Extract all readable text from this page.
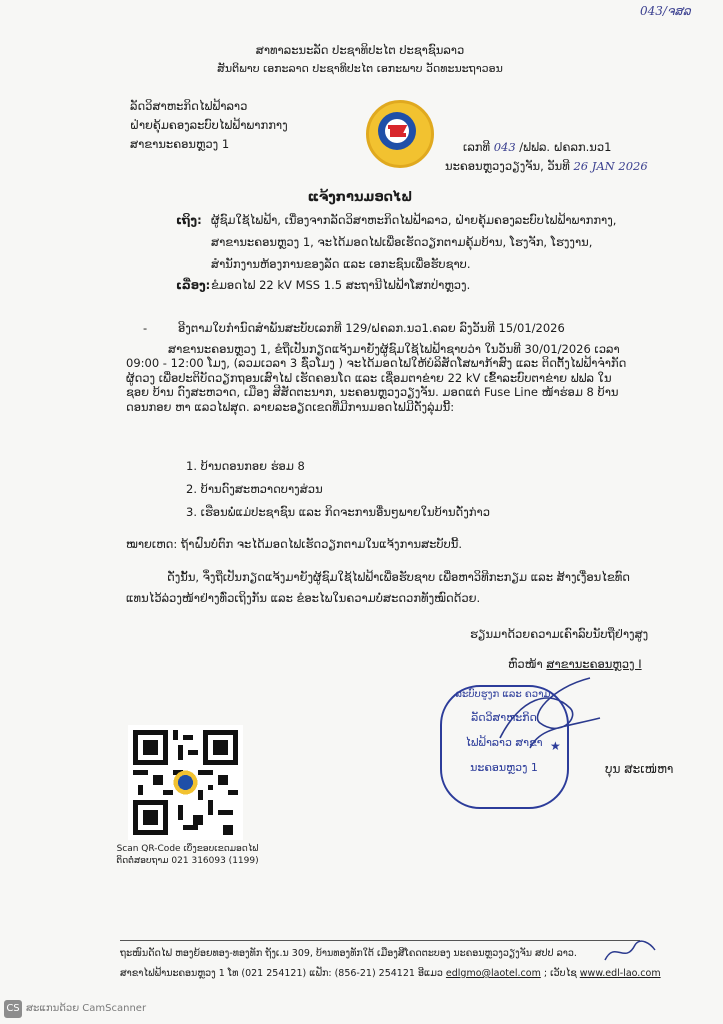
043/ຈສລ
ສາທາລະນະລັດ ປະຊາທິປະໄຕ ປະຊາຊົນລາວ
ສັນຕິພາບ ເອກະລາດ ປະຊາທິປະໄຕ ເອກະພາບ ວັດທະນະຖາວອນ
ລັດວິສາຫະກິດໄຟຟ້າລາວ
ຝ່າຍຄຸ້ມຄອງລະບົບໄຟຟ້າພາກກາງ
ສາຂານະຄອນຫຼວງ 1	ເລກທີ 043 /ຟຟລ. ຝຄລກ.ນວ1
ນະຄອນຫຼວງວຽງຈັນ, ວັນທີ 26 JAN 2026
ແຈ້ງການມອດໄຟ
ເຖິງ: ຜູ້ຊົມໃຊ້ໄຟຟ້າ, ເນື່ອງຈາກລັດວິສາຫະກິດໄຟຟ້າລາວ, ຝ່າຍຄຸ້ມຄອງລະບົບໄຟຟ້າພາກກາງ,
ສາຂານະຄອນຫຼວງ 1, ຈະໄດ້ມອດໄຟເພື່ອເຮັດວຽກຕາມຄຸ້ມບ້ານ, ໂຮງຈັກ, ໂຮງງານ,
ສຳນັກງານຫ້ອງການຂອງລັດ ແລະ ເອກະຊົນເພື່ອຮັບຊາບ.
ເລື່ອງ: ຂໍມອດໄຟ 22 kV MSS 1.5 ສະຖານີໄຟຟ້າໂສກປ່າຫຼວງ.
-	ອີງຕາມໃບກຳນົດສຳພັນສະບັບເລກທີ 129/ຝຄລກ.ນວ1.ຄລຍ ລົງວັນທີ 15/01/2026
ສາຂານະຄອນຫຼວງ 1, ຂໍຖືເປັນກຽດແຈ້ງມາຍັງຜູ້ຊົມໃຊ້ໄຟຟ້າຊາບວ່າ ໃນວັນທີ 30/01/2026 ເວລາ
09:00 - 12:00 ໂມງ, (ລວມເວລາ 3 ຊົ່ວໂມງ ) ຈະໄດ້ມອດໄຟໃຫ້ບໍລິສັດໂສພາກ້າສົງ ແລະ ຕິດຕັ້ງໄຟຟ້າຈຳກັດ
ຜູ້ດວງ ເພື່ອປະຕິບັດວຽກຖອນເສົາໄຟ ເຮັດຄອນໂດ ແລະ ເຊື່ອມຕາຂ່າຍ 22 kV ເຂົ້າລະບົບຕາຂ່າຍ ຟຟລ ໃນ
ຊອຍ ບ້ານ ດົງສະຫວາດ, ເມືອງ ສີສັດຕະນາກ, ນະຄອນຫຼວງວຽງຈັນ. ມອດແຕ່ Fuse Line ໜ້າຮ່ອມ 8 ບ້ານ
ດອນກອຍ ຫາ ແລວໄຟສຸດ. ລາຍລະອຽດເຂດທີ່ມີການມອດໄຟມີດັ່ງລຸ່ມນີ້:
1. ບ້ານດອນກອຍ ຮ່ອມ 8
2. ບ້ານດົງສະຫວາດບາງສ່ວນ
3. ເຮືອນພໍ່ແມ່ປະຊາຊົນ ແລະ ກິດຈະການອື່ນໆພາຍໃນບ້ານດັ່ງກ່າວ
ໝາຍເຫດ: ຖ້າຝົນບໍ່ຕົກ ຈະໄດ້ມອດໄຟເຮັດວຽກຕາມໃນແຈ້ງການສະບັບນີ້.
ດັ່ງນັ້ນ, ຈຶ່ງຖືເປັນກຽດແຈ້ງມາຍັງຜູ້ຊົມໃຊ້ໄຟຟ້າເພື່ອຮັບຊາບ ເພື່ອຫາວິທີກະກຽມ ແລະ ສ້າງເງື່ອນໄຂທົດ
ແທນໄວ້ລ່ວງໜ້າຢ່າງທົ່ວເຖິງກັນ ແລະ ຂໍອະໄພໃນຄວາມບໍ່ສະດວກທັງໝົດດ້ວຍ.
ຮຽນມາດ້ວຍຄວາມເຄົາລົບນັບຖືຢ່າງສູງ
ຫົວໜ້າ ສາຂານະຄອນຫຼວງ I
ລະບົບຮູງກ ແລະ ຄວາມ
ລັດວິສາຫະກິດ
ໄຟຟ້າລາວ ສາຂາ
ນະຄອນຫຼວງ 1
★
ບຸນ ສະເໜ່ຫາ
Scan QR-Code ເບິ່ງຂອບເຂດມອດໄຟ
ຕິດຕໍ່ສອບຖາມ 021 316093 (1199)
ຖະໜົນດັດໄຟ ຫອງຍ້ອຍທອງ-ທອງທັກ ຖັງເ.ນ 309, ບ້ານທອງທັກໃຕ້ ເມືອງສີໂຄດຕະບອງ ນະຄອນຫຼວງວຽງຈັນ ສປປ ລາວ.
ສາຂາໄຟຟ້ານະຄອນຫຼວງ 1 ໂທ (021 254121) ແຟັກ: (856-21) 254121 ອີແມວ edlgmo@laotel.com ; ເວັບໄຊ www.edl-lao.com
CS ສະແກນດ້ວຍ CamScanner
